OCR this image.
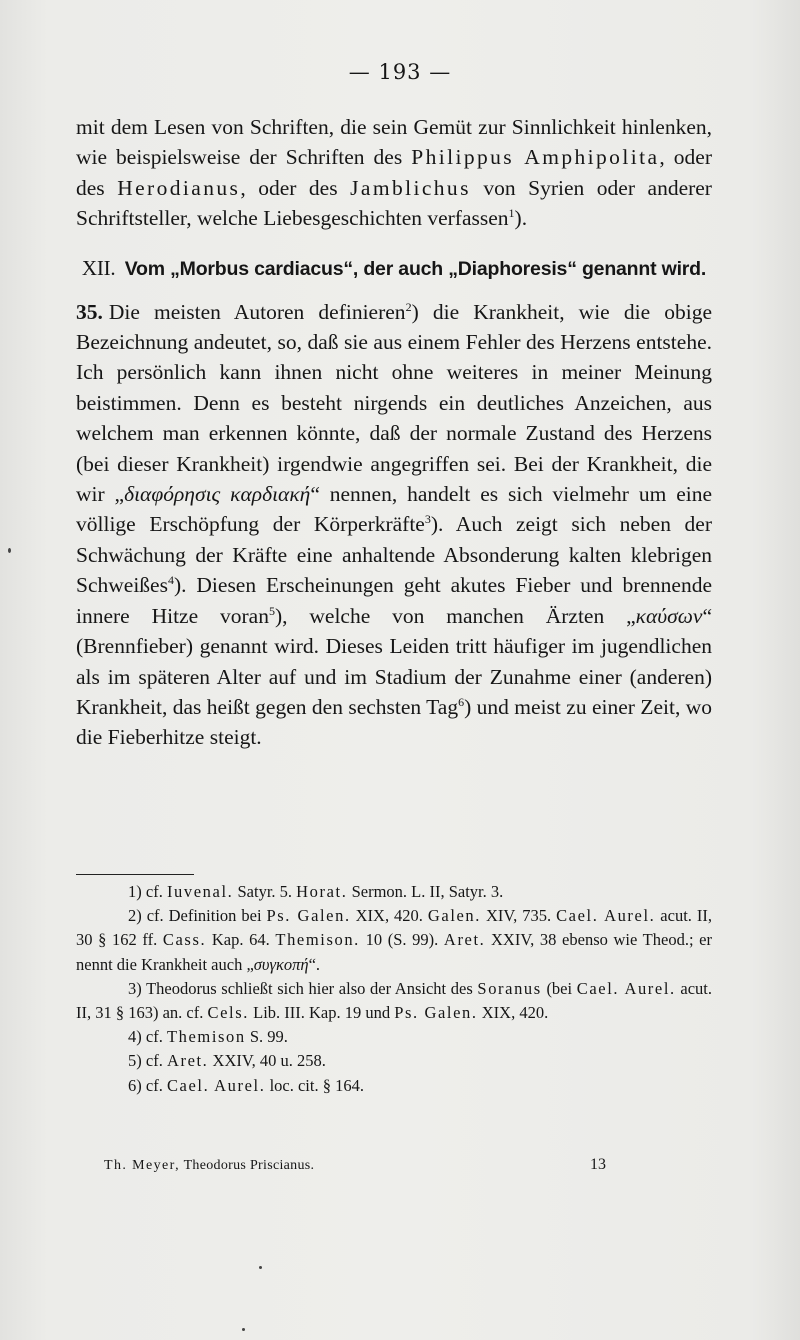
— 193 —

mit dem Lesen von Schriften, die sein Gemüt zur Sinnlichkeit hinlenken, wie beispielsweise der Schriften des Philippus Amphipolita, oder des Herodianus, oder des Jamblichus von Syrien oder anderer Schriftsteller, welche Liebesgeschichten verfassen$^1$).

XII. Vom „Morbus cardiacus“, der auch „Diaphoresis“ genannt wird.

35. Die meisten Autoren definieren$^2$) die Krankheit, wie die obige Bezeichnung andeutet, so, daß sie aus einem Fehler des Herzens entstehe. Ich persönlich kann ihnen nicht ohne weiteres in meiner Meinung beistimmen. Denn es besteht nirgends ein deutliches Anzeichen, aus welchem man erkennen könnte, daß der normale Zustand des Herzens (bei dieser Krankheit) irgendwie angegriffen sei. Bei der Krankheit, die wir „διαφόρησις καρδιακή“ nennen, handelt es sich vielmehr um eine völlige Erschöpfung der Körperkräfte$^3$). Auch zeigt sich neben der Schwächung der Kräfte eine anhaltende Absonderung kalten klebrigen Schweißes$^4$). Diesen Erscheinungen geht akutes Fieber und brennende innere Hitze voran$^5$), welche von manchen Ärzten „καύσων“ (Brennfieber) genannt wird. Dieses Leiden tritt häufiger im jugendlichen als im späteren Alter auf und im Stadium der Zunahme einer (anderen) Krankheit, das heißt gegen den sechsten Tag$^6$) und meist zu einer Zeit, wo die Fieberhitze steigt.

1) cf. Iuvenal. Satyr. 5. Horat. Sermon. L. II, Satyr. 3.

2) cf. Definition bei Ps. Galen. XIX, 420. Galen. XIV, 735. Cael. Aurel. acut. II, 30 § 162 ff. Cass. Kap. 64. Themison. 10 (S. 99). Aret. XXIV, 38 ebenso wie Theod.; er nennt die Krankheit auch „συγκοπή“.

3) Theodorus schließt sich hier also der Ansicht des Soranus (bei Cael. Aurel. acut. II, 31 § 163) an. cf. Cels. Lib. III. Kap. 19 und Ps. Galen. XIX, 420.

4) cf. Themison S. 99.

5) cf. Aret. XXIV, 40 u. 258.

6) cf. Cael. Aurel. loc. cit. § 164.

Th. Meyer, Theodorus Priscianus.	13
